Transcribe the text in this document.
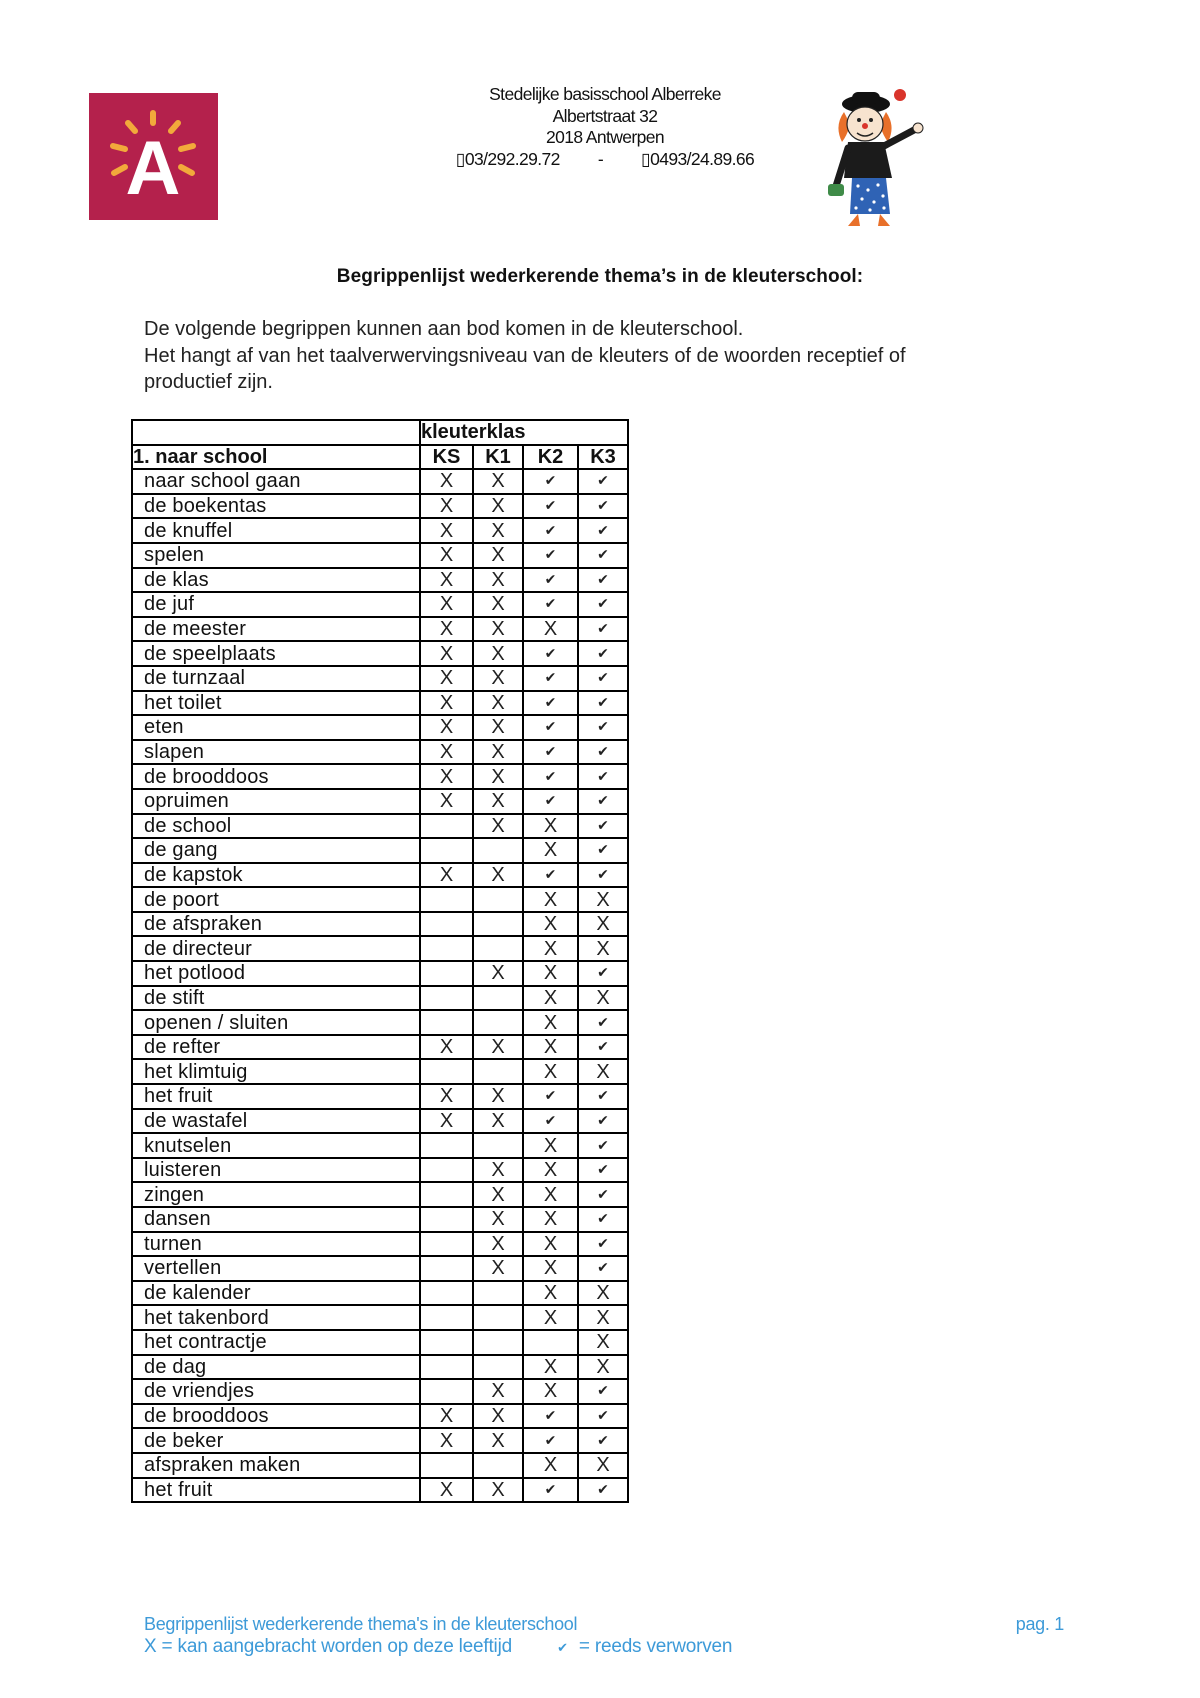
A
Stedelijke basisschool Alberreke
Albertstraat 32
2018 Antwerpen
▯ 03/292.29.72 - ▯ 0493/24.89.66
Begrippenlijst wederkerende thema’s in de kleuterschool:
De volgende begrippen kunnen aan bod komen in de kleuterschool.
Het hangt af van het taalverwervingsniveau van de kleuters of de woorden receptief of
productief zijn.
	kleuterklas			
1. naar school	KS	K1	K2	K3
naar school gaan	X	X	✔	✔
de boekentas	X	X	✔	✔
de knuffel	X	X	✔	✔
spelen	X	X	✔	✔
de klas	X	X	✔	✔
de juf	X	X	✔	✔
de meester	X	X	X	✔
de speelplaats	X	X	✔	✔
de turnzaal	X	X	✔	✔
het toilet	X	X	✔	✔
eten	X	X	✔	✔
slapen	X	X	✔	✔
de brooddoos	X	X	✔	✔
opruimen	X	X	✔	✔
de school		X	X	✔
de gang			X	✔
de kapstok	X	X	✔	✔
de poort			X	X
de afspraken			X	X
de directeur			X	X
het potlood		X	X	✔
de stift			X	X
openen / sluiten			X	✔
de refter	X	X	X	✔
het klimtuig			X	X
het fruit	X	X	✔	✔
de wastafel	X	X	✔	✔
knutselen			X	✔
luisteren		X	X	✔
zingen		X	X	✔
dansen		X	X	✔
turnen		X	X	✔
vertellen		X	X	✔
de kalender			X	X
het takenbord			X	X
het contractje				X
de dag			X	X
de vriendjes		X	X	✔
de brooddoos	X	X	✔	✔
de beker	X	X	✔	✔
afspraken maken			X	X
het fruit	X	X	✔	✔
Begrippenlijst wederkerende thema's in de kleuterschool	pag. 1
X = kan aangebracht worden op deze leeftijd	✔ = reeds verworven
